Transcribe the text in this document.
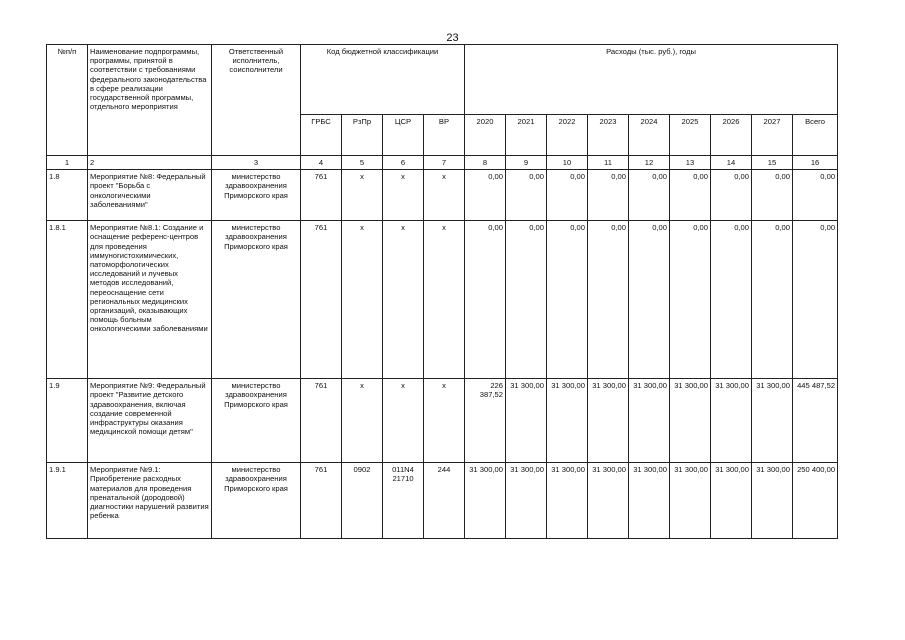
23
№п/п	Наименование подпрограммы, программы, принятой в соответствии с требованиями федерального законодательства в сфере реализации государственной программы, отдельного мероприятия	Ответственный исполнитель, соисполнители	Код бюджетной классификации				Расходы (тыс. руб.), годы								
			ГРБС	РзПр	ЦСР	ВР	2020	2021	2022	2023	2024	2025	2026	2027	Всего
1	2	3	4	5	6	7	8	9	10	11	12	13	14	15	16
1.8	Мероприятие №8: Федеральный проект "Борьба с онкологическими заболеваниями"	министерство здравоохранения Приморского края	761	x	x	x	0,00	0,00	0,00	0,00	0,00	0,00	0,00	0,00	0,00
1.8.1	Мероприятие №8.1: Создание и оснащение референс-центров для проведения иммуногистохимических, патоморфологических исследований и лучевых методов исследований, переоснащение сети региональных медицинских организаций, оказывающих помощь больным онкологическими заболеваниями	министерство здравоохранения Приморского края	761	x	x	x	0,00	0,00	0,00	0,00	0,00	0,00	0,00	0,00	0,00
1.9	Мероприятие №9: Федеральный проект "Развитие детского здравоохранения, включая создание современной инфраструктуры оказания медицинской помощи детям"	министерство здравоохранения Приморского края	761	x	x	x	226 387,52	31 300,00	31 300,00	31 300,00	31 300,00	31 300,00	31 300,00	31 300,00	445 487,52
1.9.1	Мероприятие №9.1: Приобретение расходных материалов для проведения пренатальной (дородовой) диагностики нарушений развития ребенка	министерство здравоохранения Приморского края	761	0902	011N4 21710	244	31 300,00	31 300,00	31 300,00	31 300,00	31 300,00	31 300,00	31 300,00	31 300,00	250 400,00
